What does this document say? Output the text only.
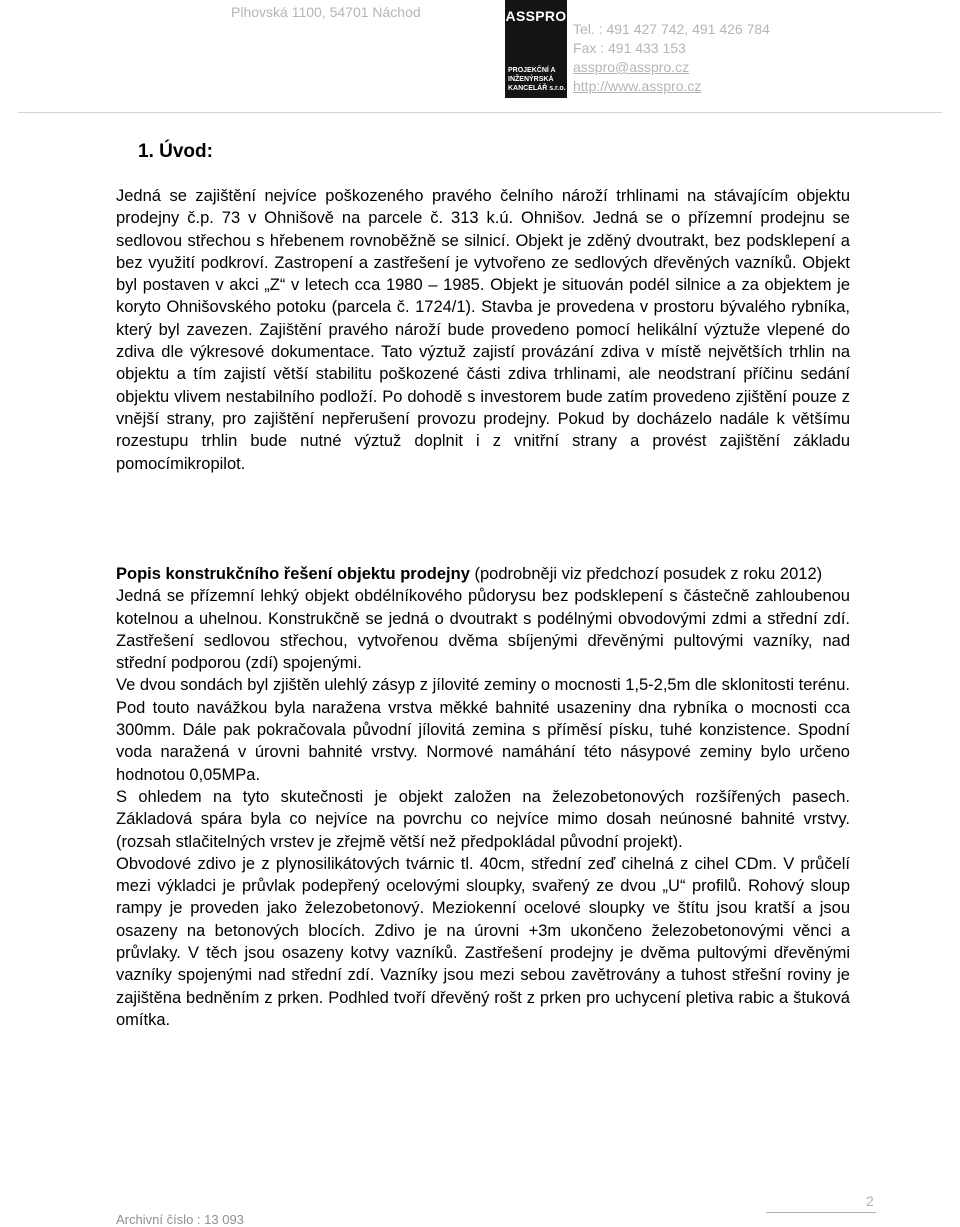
Plhovská 1100, 54701 Náchod	ASSPRO
PROJEKČNÍ A
INŽENÝRSKÁ
KANCELÁŘ s.r.o.
Tel. : 491 427 742, 491 426 784
Fax : 491 433 153
asspro@asspro.cz
http://www.asspro.cz
1. Úvod:

Jedná se zajištění nejvíce poškozeného pravého čelního nároží trhlinami na stávajícím objektu prodejny č.p. 73 v Ohnišově na parcele č. 313 k.ú. Ohnišov. Jedná se o přízemní prodejnu se sedlovou střechou s hřebenem rovnoběžně se silnicí. Objekt je zděný dvoutrakt, bez podsklepení a bez využití podkroví. Zastropení a zastřešení je vytvořeno ze sedlových dřevěných vazníků. Objekt byl postaven v akci „Z“ v letech cca 1980 – 1985. Objekt je situován podél silnice a za objektem je koryto Ohnišovského potoku (parcela č. 1724/1). Stavba je provedena v prostoru bývalého rybníka, který byl zavezen. Zajištění pravého nároží bude provedeno pomocí helikální výztuže vlepené do zdiva dle výkresové dokumentace. Tato výztuž zajistí provázání zdiva v místě největších trhlin na objektu a tím zajistí větší stabilitu poškozené části zdiva trhlinami, ale neodstraní příčinu sedání objektu vlivem nestabilního podloží. Po dohodě s investorem bude zatím provedeno zjištění pouze z vnější strany, pro zajištění nepřerušení provozu prodejny. Pokud by docházelo nadále k většímu rozestupu trhlin bude nutné výztuž doplnit i z vnitřní strany a provést zajištění základu pomocímikropilot.

Popis konstrukčního řešení objektu prodejny (podrobněji viz předchozí posudek z roku 2012)
Jedná se přízemní lehký objekt obdélníkového půdorysu bez podsklepení s částečně zahloubenou kotelnou a uhelnou. Konstrukčně se jedná o dvoutrakt s podélnými obvodovými zdmi a střední zdí. Zastřešení sedlovou střechou, vytvořenou dvěma sbíjenými dřevěnými pultovými vazníky, nad střední podporou (zdí) spojenými.
Ve dvou sondách byl zjištěn ulehlý zásyp z jílovité zeminy o mocnosti 1,5-2,5m dle sklonitosti terénu. Pod touto navážkou byla naražena vrstva měkké bahnité usazeniny dna rybníka o mocnosti cca 300mm. Dále pak pokračovala původní jílovitá zemina s příměsí písku, tuhé konzistence. Spodní voda naražená v úrovni bahnité vrstvy. Normové namáhání této násypové zeminy bylo určeno hodnotou 0,05MPa.
S ohledem na tyto skutečnosti je objekt založen na železobetonových rozšířených pasech. Základová spára byla co nejvíce na povrchu co nejvíce mimo dosah neúnosné bahnité vrstvy. (rozsah stlačitelných vrstev je zřejmě větší než předpokládal původní projekt).
Obvodové zdivo je z plynosilikátových tvárnic tl. 40cm, střední zeď cihelná z cihel CDm. V průčelí mezi výkladci je průvlak podepřený ocelovými sloupky, svařený ze dvou „U“ profilů. Rohový sloup rampy je proveden jako železobetonový. Meziokenní ocelové sloupky ve štítu jsou kratší a jsou osazeny na betonových blocích. Zdivo je na úrovni +3m ukončeno železobetonovými věnci a průvlaky. V těch jsou osazeny kotvy vazníků. Zastřešení prodejny je dvěma pultovými dřevěnými vazníky spojenými nad střední zdí. Vazníky jsou mezi sebou zavětrovány a tuhost střešní roviny je zajištěna bedněním z prken. Podhled tvoří dřevěný rošt z prken pro uchycení pletiva rabic a štuková omítka.
2
Archivní číslo : 13 093
